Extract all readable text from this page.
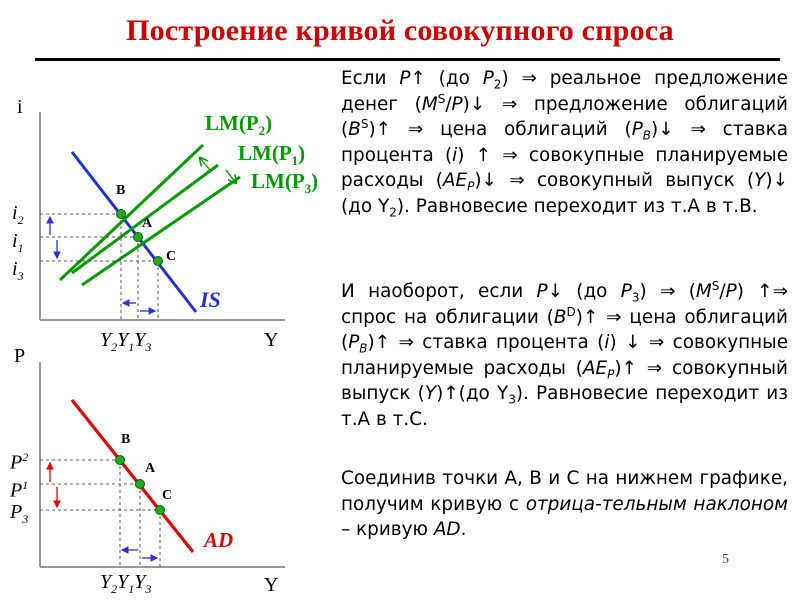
Построение кривой совокупного спроса
i
Y
$LM(P_2)$
$LM(P_1)$
$LM(P_3)$
IS
B
A
C
$i_2$
$i_1$
$i_3$
$Y_2Y_1Y_3$
P
Y
AD
B
A
C
$P^2$
$P^1$
$P_3$
$Y_2Y_1Y_3$

Если P↑ (до $P_2$) ⇒ реальное предложение денег $(M^S/P)↓$ ⇒ предложение облигаций $(B^S)↑$ ⇒ цена облигаций $(P_B)↓$ ⇒ ставка процента (i) ↑ ⇒ совокупные планируемые расходы $(AE_P)↓$ ⇒ совокупный выпуск (Y)↓ (до $Y_2$). Равновесие переходит из т.А в т.В.

И наоборот, если P↓ (до $P_3$) ⇒ $(M^S/P)$ ↑⇒ спрос на облигации $(B^D)↑$ ⇒ цена облигаций $(P_B)↑$ ⇒ ставка процента (i) ↓ ⇒ совокупные планируемые расходы $(AE_P)↑$ ⇒ совокупный выпуск (Y)↑(до $Y_3$). Равновесие переходит из т.А в т.С.

Соединив точки А, В и С на нижнем графике, получим кривую с отрица-тельным наклоном – кривую AD.

5
